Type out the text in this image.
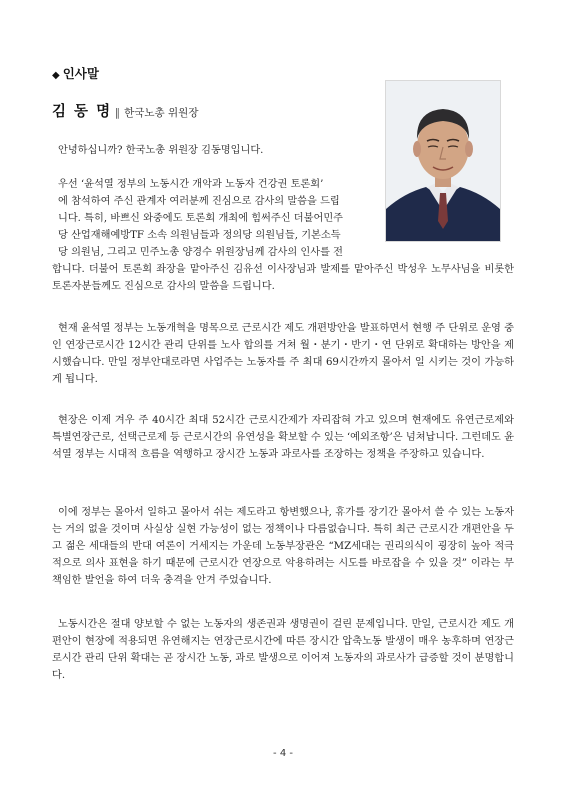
◆ 인사말
김 동 명 ‖ 한국노총 위원장

안녕하십니까? 한국노총 위원장 김동명입니다.

우선 ‘윤석열 정부의 노동시간 개악과 노동자 건강권 토론회’
에 참석하여 주신 관계자 여러분께 진심으로 감사의 말씀을 드립
니다. 특히, 바쁘신 와중에도 토론회 개최에 힘써주신 더불어민주
당 산업재해예방TF 소속 의원님들과 정의당 의원님들, 기본소득
당 의원님, 그리고 민주노총 양경수 위원장님께 감사의 인사를 전

합니다. 더불어 토론회 좌장을 맡아주신 김유선 이사장님과 발제를 맡아주신 박성우 노무사님을 비롯한 토론자분들께도 진심으로 감사의 말씀을 드립니다.

현재 윤석열 정부는 노동개혁을 명목으로 근로시간 제도 개편방안을 발표하면서 현행 주 단위로 운영 중인 연장근로시간 12시간 관리 단위를 노사 합의를 거쳐 월・분기・반기・연 단위로 확대하는 방안을 제시했습니다. 만일 정부안대로라면 사업주는 노동자를 주 최대 69시간까지 몰아서 일 시키는 것이 가능하게 됩니다.

현장은 이제 겨우 주 40시간 최대 52시간 근로시간제가 자리잡혀 가고 있으며 현재에도 유연근로제와 특별연장근로, 선택근로제 등 근로시간의 유연성을 확보할 수 있는 ‘예외조항’은 넘쳐납니다. 그런데도 윤석열 정부는 시대적 흐름을 역행하고 장시간 노동과 과로사를 조장하는 정책을 주장하고 있습니다.

이에 정부는 몰아서 일하고 몰아서 쉬는 제도라고 항변했으나, 휴가를 장기간 몰아서 쓸 수 있는 노동자는 거의 없을 것이며 사실상 실현 가능성이 없는 정책이나 다름없습니다. 특히 최근 근로시간 개편안을 두고 젊은 세대들의 반대 여론이 거세지는 가운데 노동부장관은 “MZ세대는 권리의식이 굉장히 높아 적극적으로 의사 표현을 하기 때문에 근로시간 연장으로 악용하려는 시도를 바로잡을 수 있을 것” 이라는 무책임한 발언을 하여 더욱 충격을 안겨 주었습니다.

노동시간은 절대 양보할 수 없는 노동자의 생존권과 생명권이 걸린 문제입니다. 만일, 근로시간 제도 개편안이 현장에 적용되면 유연해지는 연장근로시간에 따른 장시간 압축노동 발생이 매우 농후하며 연장근로시간 관리 단위 확대는 곧 장시간 노동, 과로 발생으로 이어져 노동자의 과로사가 급증할 것이 분명합니다.

- 4 -
